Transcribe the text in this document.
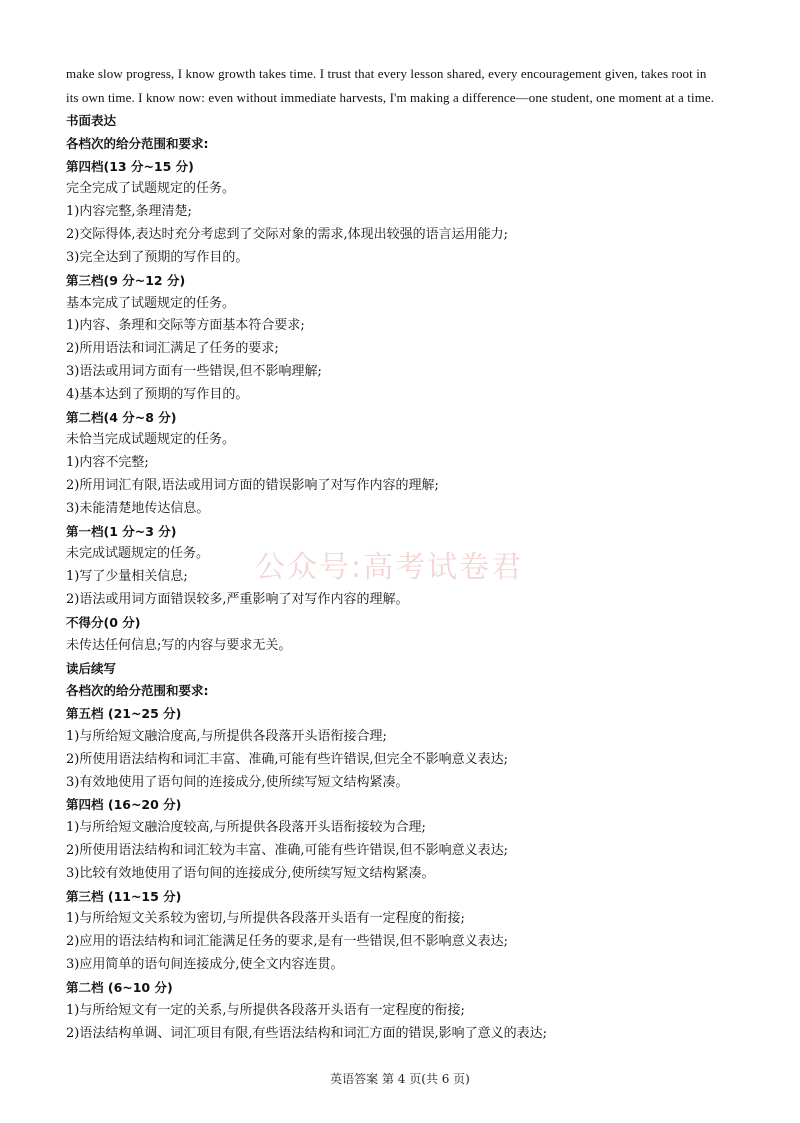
make slow progress, I know growth takes time. I trust that every lesson shared, every encouragement given, takes root in

its own time. I know now: even without immediate harvests, I'm making a difference—one student, one moment at a time.

书面表达
各档次的给分范围和要求:
第四档(13 分~15 分)
完全完成了试题规定的任务。
1)内容完整,条理清楚;
2)交际得体,表达时充分考虑到了交际对象的需求,体现出较强的语言运用能力;
3)完全达到了预期的写作目的。
第三档(9 分~12 分)
基本完成了试题规定的任务。
1)内容、条理和交际等方面基本符合要求;
2)所用语法和词汇满足了任务的要求;
3)语法或用词方面有一些错误,但不影响理解;
4)基本达到了预期的写作目的。
第二档(4 分~8 分)
未恰当完成试题规定的任务。
1)内容不完整;
2)所用词汇有限,语法或用词方面的错误影响了对写作内容的理解;
3)未能清楚地传达信息。
第一档(1 分~3 分)
未完成试题规定的任务。
1)写了少量相关信息;
2)语法或用词方面错误较多,严重影响了对写作内容的理解。
不得分(0 分)
未传达任何信息;写的内容与要求无关。
读后续写
各档次的给分范围和要求:
第五档 (21~25 分)
1)与所给短文融洽度高,与所提供各段落开头语衔接合理;
2)所使用语法结构和词汇丰富、准确,可能有些许错误,但完全不影响意义表达;
3)有效地使用了语句间的连接成分,使所续写短文结构紧凑。
第四档 (16~20 分)
1)与所给短文融洽度较高,与所提供各段落开头语衔接较为合理;
2)所使用语法结构和词汇较为丰富、准确,可能有些许错误,但不影响意义表达;
3)比较有效地使用了语句间的连接成分,使所续写短文结构紧凑。
第三档 (11~15 分)
1)与所给短文关系较为密切,与所提供各段落开头语有一定程度的衔接;
2)应用的语法结构和词汇能满足任务的要求,是有一些错误,但不影响意义表达;
3)应用简单的语句间连接成分,使全文内容连贯。
第二档 (6~10 分)
1)与所给短文有一定的关系,与所提供各段落开头语有一定程度的衔接;
2)语法结构单调、词汇项目有限,有些语法结构和词汇方面的错误,影响了意义的表达;
公众号:高考试卷君
英语答案 第 4 页(共 6 页)
